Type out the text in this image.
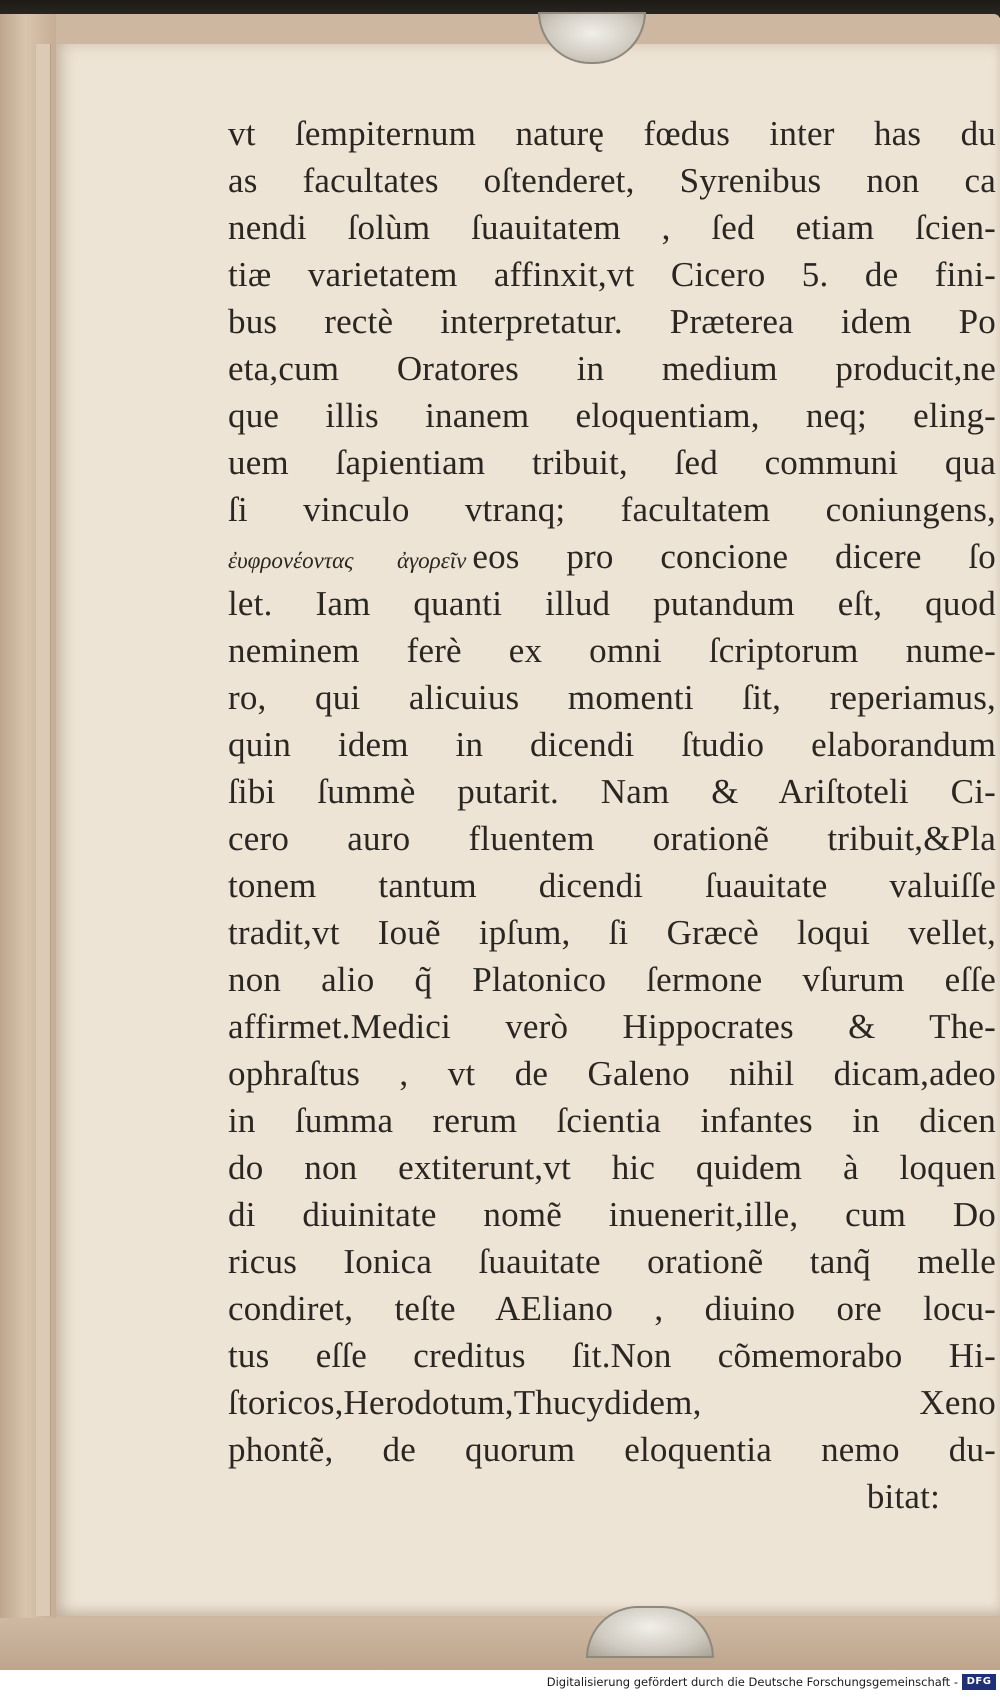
vt ſempiternum naturę fœdus inter has du
as facultates oſtenderet, Syrenibus non ca
nendi ſolùm ſuauitatem , ſed etiam ſcien-
tiæ varietatem affinxit,vt Cicero 5. de fini-
bus rectè interpretatur. Præterea idem Po
eta,cum Oratores in medium producit,ne
que illis inanem eloquentiam, neq; eling-
uem ſapientiam tribuit, ſed communi qua
ſi vinculo vtranq; facultatem coniungens,
ἐυφρονέοντας ἀγορεῖν eos pro concione dicere ſo
let. Iam quanti illud putandum eſt, quod
neminem ferè ex omni ſcriptorum nume-
ro, qui alicuius momenti ſit, reperiamus,
quin idem in dicendi ſtudio elaborandum
ſibi ſummè putarit. Nam & Ariſtoteli Ci-
cero auro fluentem orationẽ tribuit,&Pla
tonem tantum dicendi ſuauitate valuiſſe
tradit,vt Iouẽ ipſum, ſi Græcè loqui vellet,
non alio q̃ Platonico ſermone vſurum eſſe
affirmet.Medici verò Hippocrates & The-
ophraſtus , vt de Galeno nihil dicam,adeo
in ſumma rerum ſcientia infantes in dicen
do non extiterunt,vt hic quidem à loquen
di diuinitate nomẽ inuenerit,ille, cum Do
ricus Ionica ſuauitate orationẽ tanq̃ melle
condiret, teſte AEliano , diuino ore locu-
tus eſſe creditus ſit.Non cõmemorabo Hi-
ſtoricos,Herodotum,Thucydidem, Xeno
phontẽ, de quorum eloquentia nemo du-
bitat:
Digitalisierung gefördert durch die Deutsche Forschungsgemeinschaft - DFG
